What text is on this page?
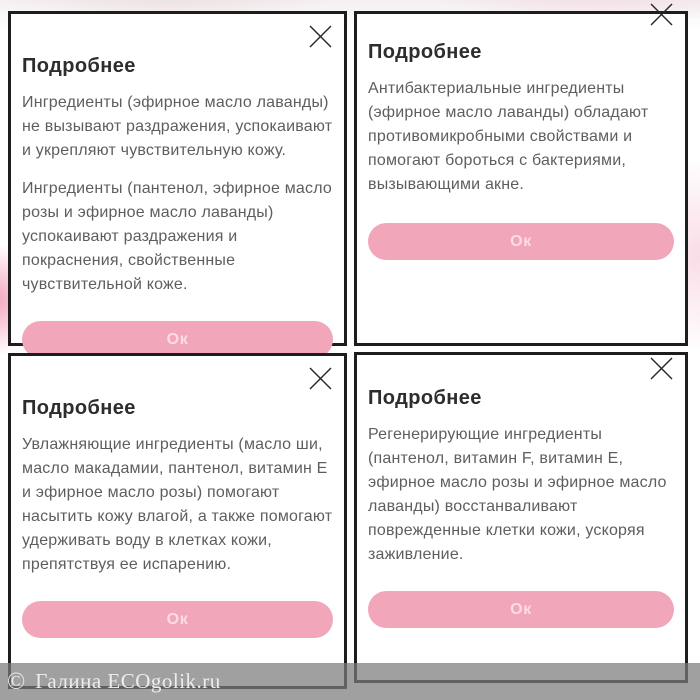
Подробнее

Ингредиенты (эфирное масло лаванды) не вызывают раздражения, успокаивают и укрепляют чувствительную кожу.

Ингредиенты (пантенол, эфирное масло розы и эфирное масло лаванды) успокаивают раздражения и покраснения, свойственные чувствительной коже.

Ок
Подробнее

Антибактериальные ингредиенты (эфирное масло лаванды) обладают противомикробными свойствами и помогают бороться с бактериями, вызывающими акне.

Ок
Подробнее

Увлажняющие ингредиенты (масло ши, масло макадамии, пантенол, витамин Е и эфирное масло розы) помогают насытить кожу влагой, а также помогают удерживать воду в клетках кожи, препятствуя ее испарению.

Ок
Подробнее

Регенерирующие ингредиенты (пантенол, витамин F, витамин Е, эфирное масло розы и эфирное масло лаванды) восстанваливают поврежденные клетки кожи, ускоряя заживление.

Ок
© Галина ECOgolik.ru
